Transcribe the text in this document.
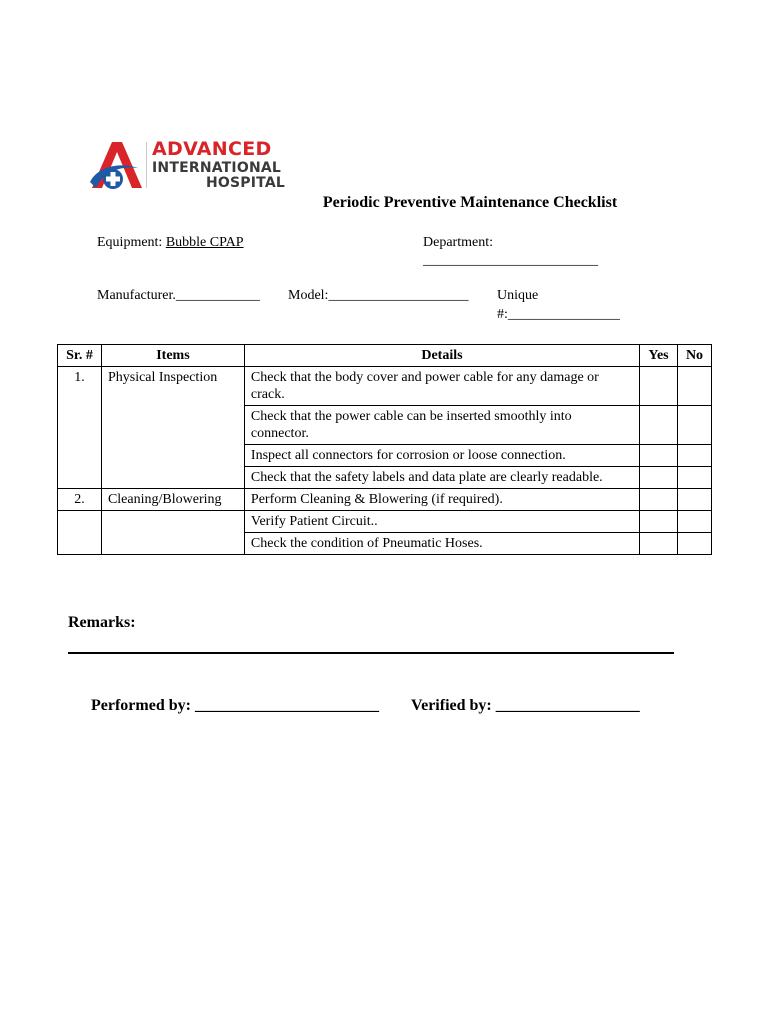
ADVANCED
INTERNATIONAL
HOSPITAL
Periodic Preventive Maintenance Checklist
Equipment: Bubble CPAP	Department:
_________________________
Manufacturer.____________ Model:____________________ Unique
#:________________
Sr. #	Items	Details	Yes	No
1.	Physical Inspection	Check that the body cover and power cable for any damage or crack.		
		Check that the power cable can be inserted smoothly into connector.		
		Inspect all connectors for corrosion or loose connection.		
		Check that the safety labels and data plate are clearly readable.		
2.	Cleaning/Blowering	Perform Cleaning & Blowering (if required).		
		Verify Patient Circuit..		
		Check the condition of Pneumatic Hoses.		
Remarks:
Performed by: _______________________ Verified by: __________________
